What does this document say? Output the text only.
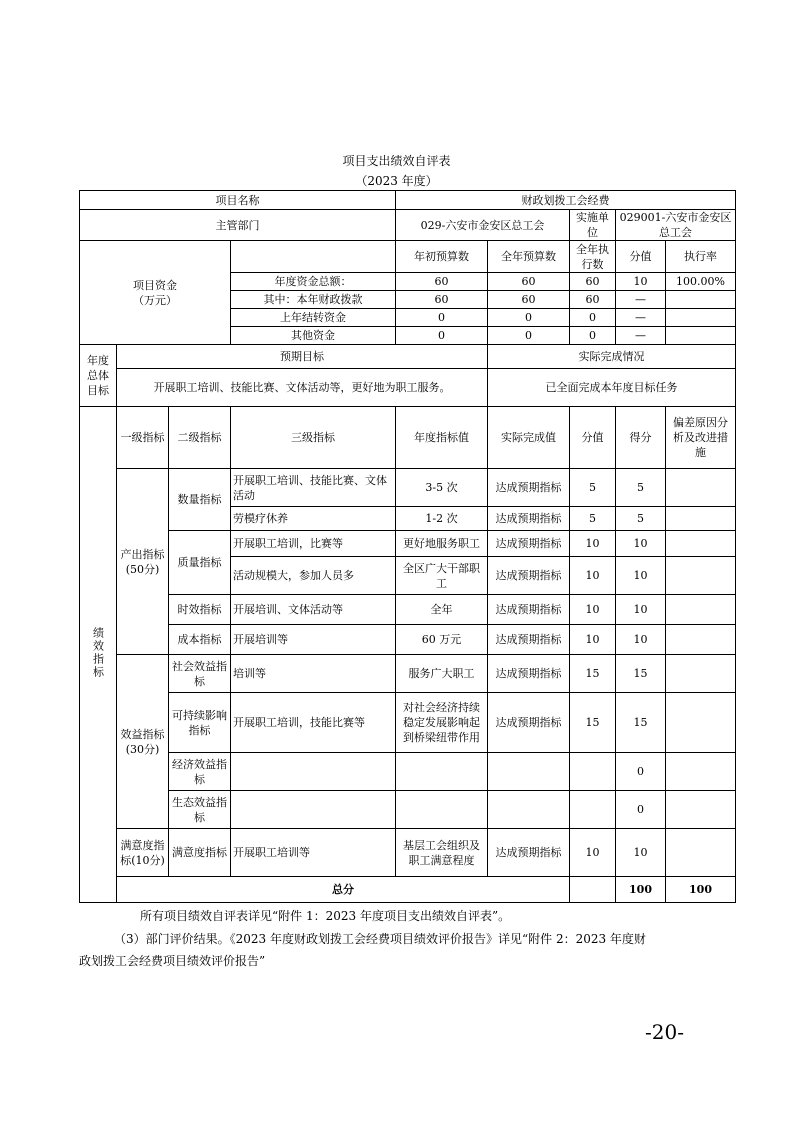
项目支出绩效自评表
（2023 年度）
项目名称				财政划拨工会经费					
主管部门				029-六安市金安区总工会		实施单位	029001-六安市金安区总工会		
项目资金
（万元）				年初预算数	全年预算数	全年执行数	分值	执行率	
			年度资金总额：	60	60	60	10	100.00%	
			其中：本年财政拨款	60	60	60	—		
			上年结转资金	0	0	0	—		
			其他资金	0	0	0	—		
年度总体目标	预期目标				实际完成情况				
	开展职工培训、技能比赛、文体活动等，更好地为职工服务。				已全面完成本年度目标任务				
绩效指标	一级指标	二级指标	三级指标	年度指标值	实际完成值	分值	得分	偏差原因分析及改进措施	
	产出指标(50分)	数量指标	开展职工培训、技能比赛、文体活动	3-5 次	达成预期指标	5	5		
			劳模疗休养	1-2 次	达成预期指标	5	5		
		质量指标	开展职工培训，比赛等	更好地服务职工	达成预期指标	10	10		
			活动规模大，参加人员多	全区广大干部职工	达成预期指标	10	10		
		时效指标	开展培训、文体活动等	全年	达成预期指标	10	10		
		成本指标	开展培训等	60 万元	达成预期指标	10	10		
	效益指标(30分)	社会效益指标	培训等	服务广大职工	达成预期指标	15	15		
		可持续影响指标	开展职工培训，技能比赛等	对社会经济持续稳定发展影响起到桥梁纽带作用	达成预期指标	15	15		
		经济效益指标					0		
		生态效益指标					0		
	满意度指标(10分)	满意度指标	开展职工培训等	基层工会组织及职工满意程度	达成预期指标	10	10		
	总分						100	100	
所有项目绩效自评表详见“附件 1：2023 年度项目支出绩效自评表”。
（3）部门评价结果。《2023 年度财政划拨工会经费项目绩效评价报告》详见“附件 2：2023 年度财
政划拨工会经费项目绩效评价报告”
-20-
